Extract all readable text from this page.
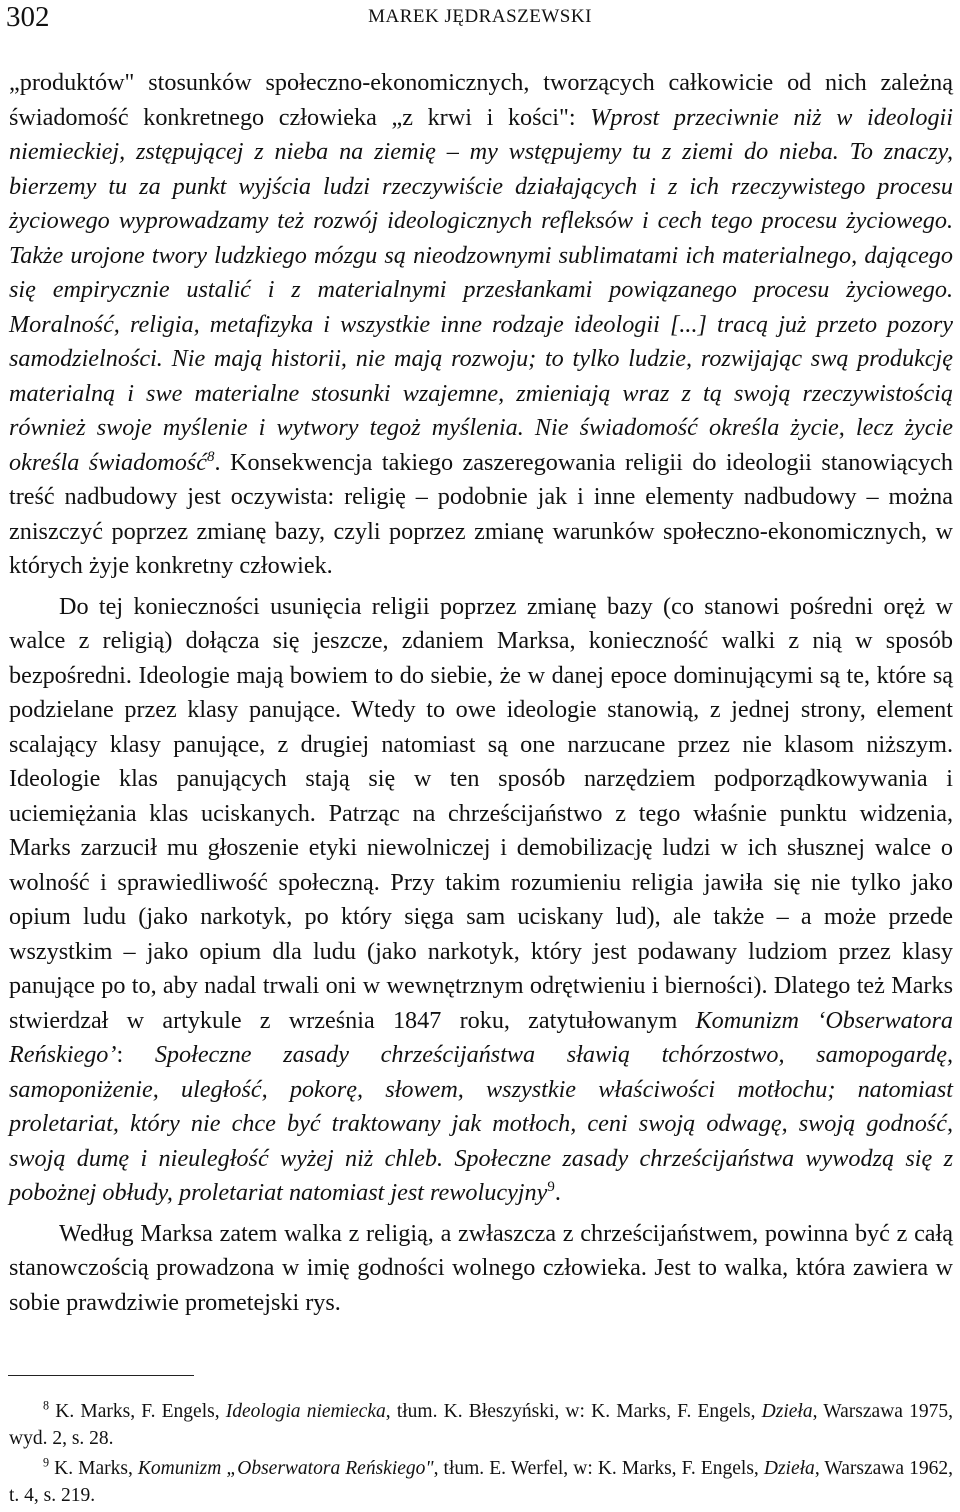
302	MAREK JĘDRASZEWSKI

„produktów" stosunków społeczno-ekonomicznych, tworzących całkowicie od nich zależną świadomość konkretnego człowieka „z krwi i kości": Wprost przeciwnie niż w ideologii niemieckiej, zstępującej z nieba na ziemię – my wstępujemy tu z ziemi do nieba. To znaczy, bierzemy tu za punkt wyjścia ludzi rzeczywiście działających i z ich rzeczywistego procesu życiowego wyprowadzamy też rozwój ideologicznych refleksów i cech tego procesu życiowego. Także urojone twory ludzkiego mózgu są nieodzownymi sublimatami ich materialnego, dającego się empirycznie ustalić i z materialnymi przesłankami powiązanego procesu życiowego. Moralność, religia, metafizyka i wszystkie inne rodzaje ideologii [...] tracą już przeto pozory samodzielności. Nie mają historii, nie mają rozwoju; to tylko ludzie, rozwijając swą produkcję materialną i swe materialne stosunki wzajemne, zmieniają wraz z tą swoją rzeczywistością również swoje myślenie i wytwory tegoż myślenia. Nie świadomość określa życie, lecz życie określa świadomość$^8$. Konsekwencja takiego zaszeregowania religii do ideologii stanowiących treść nadbudowy jest oczywista: religię – podobnie jak i inne elementy nadbudowy – można zniszczyć poprzez zmianę bazy, czyli poprzez zmianę warunków społeczno-ekonomicznych, w których żyje konkretny człowiek.

Do tej konieczności usunięcia religii poprzez zmianę bazy (co stanowi pośredni oręż w walce z religią) dołącza się jeszcze, zdaniem Marksa, konieczność walki z nią w sposób bezpośredni. Ideologie mają bowiem to do siebie, że w danej epoce dominującymi są te, które są podzielane przez klasy panujące. Wtedy to owe ideologie stanowią, z jednej strony, element scalający klasy panujące, z drugiej natomiast są one narzucane przez nie klasom niższym. Ideologie klas panujących stają się w ten sposób narzędziem podporządkowywania i uciemiężania klas uciskanych. Patrząc na chrześcijaństwo z tego właśnie punktu widzenia, Marks zarzucił mu głoszenie etyki niewolniczej i demobilizację ludzi w ich słusznej walce o wolność i sprawiedliwość społeczną. Przy takim rozumieniu religia jawiła się nie tylko jako opium ludu (jako narkotyk, po który sięga sam uciskany lud), ale także – a może przede wszystkim – jako opium dla ludu (jako narkotyk, który jest podawany ludziom przez klasy panujące po to, aby nadal trwali oni w wewnętrznym odrętwieniu i bierności). Dlatego też Marks stwierdzał w artykule z września 1847 roku, zatytułowanym Komunizm ‘Obserwatora Reńskiego’: Społeczne zasady chrześcijaństwa sławią tchórzostwo, samopogardę, samoponiżenie, uległość, pokorę, słowem, wszystkie właściwości motłochu; natomiast proletariat, który nie chce być traktowany jak motłoch, ceni swoją odwagę, swoją godność, swoją dumę i nieuległość wyżej niż chleb. Społeczne zasady chrześcijaństwa wywodzą się z pobożnej obłudy, proletariat natomiast jest rewolucyjny$^9$.

Według Marksa zatem walka z religią, a zwłaszcza z chrześcijaństwem, powinna być z całą stanowczością prowadzona w imię godności wolnego człowieka. Jest to walka, która zawiera w sobie prawdziwie prometejski rys.

$^8$ K. Marks, F. Engels, Ideologia niemiecka, tłum. K. Błeszyński, w: K. Marks, F. Engels, Dzieła, Warszawa 1975, wyd. 2, s. 28.

$^9$ K. Marks, Komunizm „Obserwatora Reńskiego", tłum. E. Werfel, w: K. Marks, F. Engels, Dzieła, Warszawa 1962, t. 4, s. 219.
